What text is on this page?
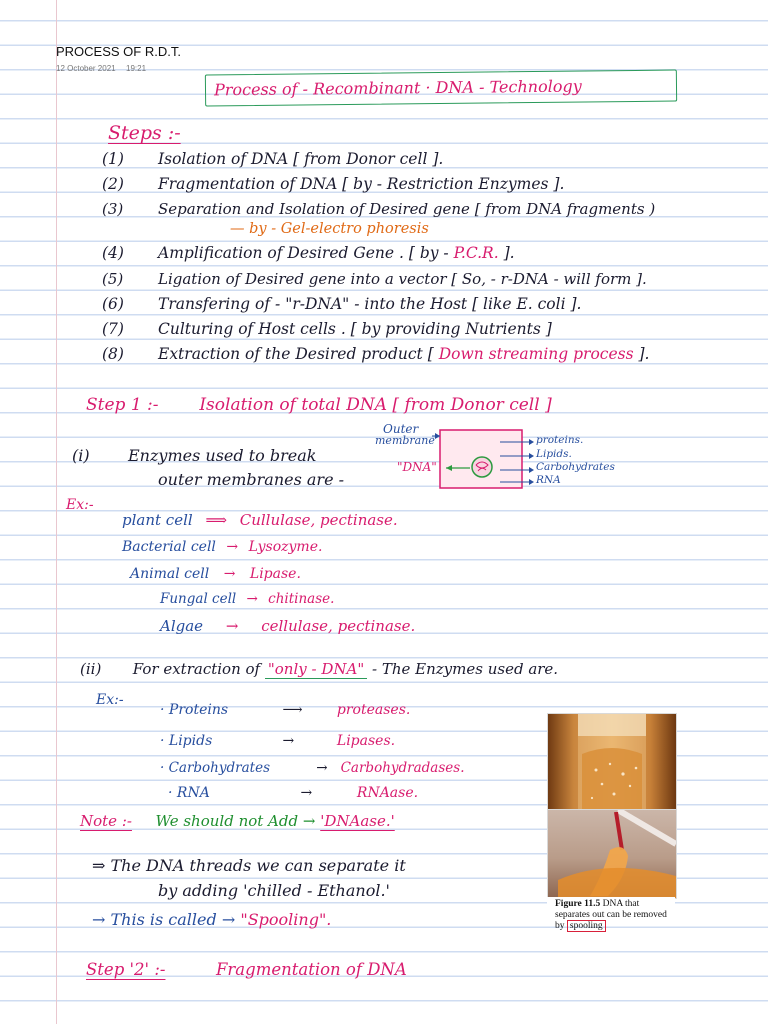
PROCESS OF R.D.T.
12 October 2021 19:21
Process of - Recombinant · DNA - Technology
Steps :-
(1) Isolation of DNA [ from Donor cell ].
(2) Fragmentation of DNA [ by - Restriction Enzymes ].
(3) Separation and Isolation of Desired gene [ from DNA fragments )
— by - Gel-electro phoresis
(4) Amplification of Desired Gene . [ by - P.C.R. ].
(5) Ligation of Desired gene into a vector [ So, - r-DNA - will form ].
(6) Transfering of - "r-DNA" - into the Host [ like E. coli ].
(7) Culturing of Host cells . [ by providing Nutrients ]
(8) Extraction of the Desired product [ Down streaming process ].
Step 1 :- Isolation of total DNA [ from Donor cell ]
(i) Enzymes used to break
outer membranes are -
Outer
membrane
"DNA"
proteins.
Lipids.
Carbohydrates
RNA
Ex:-
plant cell ⟹ Cullulase, pectinase.
Bacterial cell → Lysozyme.
Animal cell → Lipase.
Fungal cell → chitinase.
Algae → cellulase, pectinase.
(ii) For extraction of "only - DNA" - The Enzymes used are.
Ex:-
· Proteins	⟶ proteases.
· Lipids	→	Lipases.
· Carbohydrates	→ Carbohydradases.
· RNA	→	RNAase.
Note :- We should not Add → 'DNAase.'
⇒ The DNA threads we can separate it
by adding 'chilled - Ethanol.'
→ This is called → "Spooling".
Figure 11.5 DNA that separates out can be removed by spooling
Step '2' :-	Fragmentation of DNA
